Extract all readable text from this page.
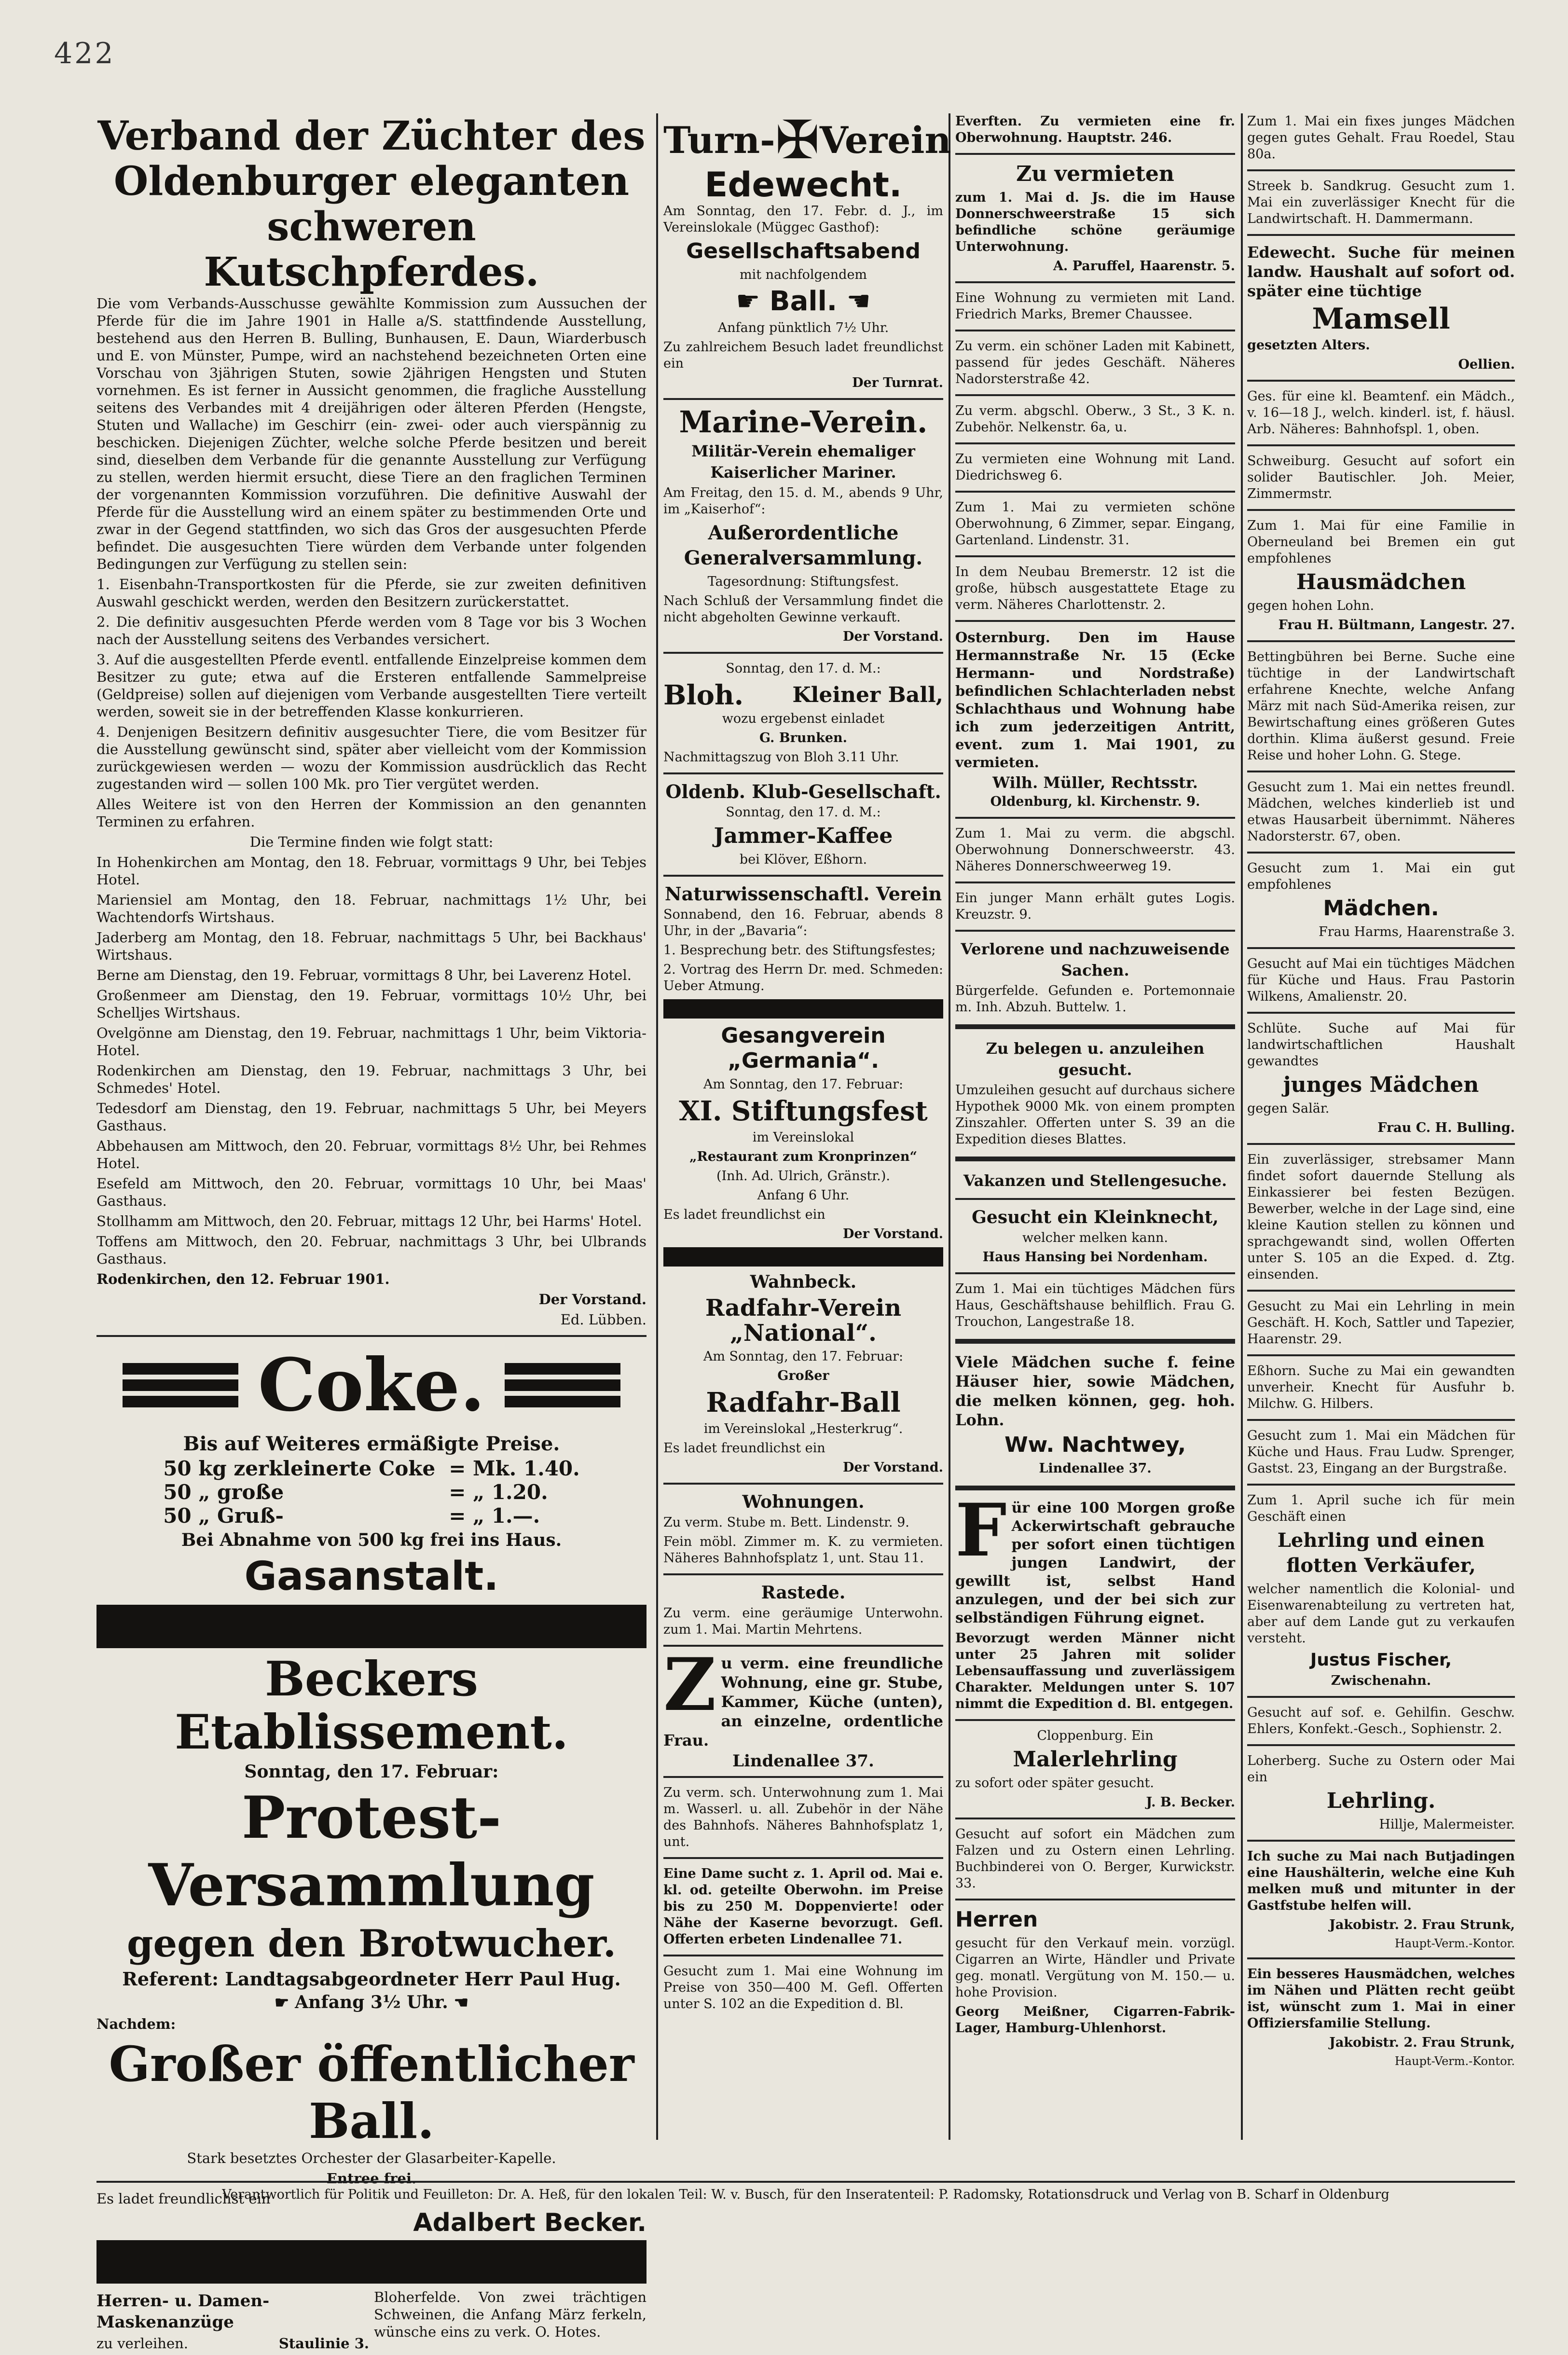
422
Verband der Züchter des Oldenburger eleganten schweren Kutschpferdes.

Die vom Verbands-Ausschusse gewählte Kommission zum Aussuchen der Pferde für die im Jahre 1901 in Halle a/S. stattfindende Ausstellung, bestehend aus den Herren B. Bulling, Bunhausen, E. Daun, Wiarderbusch und E. von Münster, Pumpe, wird an nachstehend bezeichneten Orten eine Vorschau von 3jährigen Stuten, sowie 2jährigen Hengsten und Stuten vornehmen. Es ist ferner in Aussicht genommen, die fragliche Ausstellung seitens des Verbandes mit 4 dreijährigen oder älteren Pferden (Hengste, Stuten und Wallache) im Geschirr (ein- zwei- oder auch vierspännig zu beschicken. Diejenigen Züchter, welche solche Pferde besitzen und bereit sind, dieselben dem Verbande für die genannte Ausstellung zur Verfügung zu stellen, werden hiermit ersucht, diese Tiere an den fraglichen Terminen der vorgenannten Kommission vorzuführen. Die definitive Auswahl der Pferde für die Ausstellung wird an einem später zu bestimmenden Orte und zwar in der Gegend stattfinden, wo sich das Gros der ausgesuchten Pferde befindet. Die ausgesuchten Tiere würden dem Verbande unter folgenden Bedingungen zur Verfügung zu stellen sein:

1. Eisenbahn-Transportkosten für die Pferde, sie zur zweiten definitiven Auswahl geschickt werden, werden den Besitzern zurückerstattet.

2. Die definitiv ausgesuchten Pferde werden vom 8 Tage vor bis 3 Wochen nach der Ausstellung seitens des Verbandes versichert.

3. Auf die ausgestellten Pferde eventl. entfallende Einzelpreise kommen dem Besitzer zu gute; etwa auf die Ersteren entfallende Sammelpreise (Geldpreise) sollen auf diejenigen vom Verbande ausgestellten Tiere verteilt werden, soweit sie in der betreffenden Klasse konkurrieren.

4. Denjenigen Besitzern definitiv ausgesuchter Tiere, die vom Besitzer für die Ausstellung gewünscht sind, später aber vielleicht vom der Kommission zurückgewiesen werden — wozu der Kommission ausdrücklich das Recht zugestanden wird — sollen 100 Mk. pro Tier vergütet werden.

Alles Weitere ist von den Herren der Kommission an den genannten Terminen zu erfahren.

Die Termine finden wie folgt statt:

In Hohenkirchen am Montag, den 18. Februar, vormittags 9 Uhr, bei Tebjes Hotel.

Mariensiel am Montag, den 18. Februar, nachmittags 1½ Uhr, bei Wachtendorfs Wirtshaus.

Jaderberg am Montag, den 18. Februar, nachmittags 5 Uhr, bei Backhaus' Wirtshaus.

Berne am Dienstag, den 19. Februar, vormittags 8 Uhr, bei Laverenz Hotel.

Großenmeer am Dienstag, den 19. Februar, vormittags 10½ Uhr, bei Schelljes Wirtshaus.

Ovelgönne am Dienstag, den 19. Februar, nachmittags 1 Uhr, beim Viktoria-Hotel.

Rodenkirchen am Dienstag, den 19. Februar, nachmittags 3 Uhr, bei Schmedes' Hotel.

Tedesdorf am Dienstag, den 19. Februar, nachmittags 5 Uhr, bei Meyers Gasthaus.

Abbehausen am Mittwoch, den 20. Februar, vormittags 8½ Uhr, bei Rehmes Hotel.

Esefeld am Mittwoch, den 20. Februar, vormittags 10 Uhr, bei Maas' Gasthaus.

Stollhamm am Mittwoch, den 20. Februar, mittags 12 Uhr, bei Harms' Hotel.

Toffens am Mittwoch, den 20. Februar, nachmittags 3 Uhr, bei Ulbrands Gasthaus.

Rodenkirchen, den 12. Februar 1901.

Der Vorstand.

Ed. Lübben.

Coke.
Bis auf Weiteres ermäßigte Preise.
50 kg zerkleinerte Coke	= Mk. 1.40.
50 „ große	= „ 1.20.
50 „ Gruß-	= „ 1.—.
Bei Abnahme von 500 kg frei ins Haus.
Gasanstalt.
Beckers Etablissement.
Sonntag, den 17. Februar:
Protest-Versammlung
gegen den Brotwucher.
Referent: Landtagsabgeordneter Herr Paul Hug.
☛ Anfang 3½ Uhr. ☚

Nachdem:

Großer öffentlicher Ball.

Stark besetztes Orchester der Glasarbeiter-Kapelle.

Entree frei.

Es ladet freundlichst ein

Adalbert Becker.
Herren- u. Damen-Maskenanzüge

zu verleihen.	Staulinie 3.

Bloherfelde. Von zwei trächtigen Schweinen, die Anfang März ferkeln, wünsche eins zu verk. O. Hotes.

Turn- ✠ Verein
Edewecht.

Am Sonntag, den 17. Febr. d. J., im Vereinslokale (Müggeс Gasthof):

Gesellschaftsabend

mit nachfolgendem

☛ Ball. ☚

Anfang pünktlich 7½ Uhr.

Zu zahlreichem Besuch ladet freundlichst ein

Der Turnrat.

Marine-Verein.
Militär-Verein ehemaliger Kaiserlicher Mariner.

Am Freitag, den 15. d. M., abends 9 Uhr, im „Kaiserhof“:

Außerordentliche Generalversammlung.

Tagesordnung: Stiftungsfest.

Nach Schluß der Versammlung findet die nicht abgeholten Gewinne verkauft.

Der Vorstand.

Sonntag, den 17. d. M.:

Bloh. Kleiner Ball,

wozu ergebenst einladet

G. Brunken.

Nachmittagszug von Bloh 3.11 Uhr.

Oldenb. Klub-Gesellschaft.

Sonntag, den 17. d. M.:

Jammer-Kaffee

bei Klöver, Eßhorn.

Naturwissenschaftl. Verein

Sonnabend, den 16. Februar, abends 8 Uhr, in der „Bavaria“:

1. Besprechung betr. des Stiftungsfestes;

2. Vortrag des Herrn Dr. med. Schmeden: Ueber Atmung.

Gesangverein „Germania“.

Am Sonntag, den 17. Februar:

XI. Stiftungsfest

im Vereinslokal

„Restaurant zum Kronprinzen“

(Inh. Ad. Ulrich, Gränstr.).

Anfang 6 Uhr.

Es ladet freundlichst ein

Der Vorstand.

Wahnbeck.
Radfahr-Verein „National“.

Am Sonntag, den 17. Februar:

Großer

Radfahr-Ball

im Vereinslokal „Hesterkrug“.

Es ladet freundlichst ein

Der Vorstand.

Wohnungen.

Zu verm. Stube m. Bett. Lindenstr. 9.

Fein möbl. Zimmer m. K. zu vermieten. Näheres Bahnhofsplatz 1, unt. Stau 11.

Rastede.

Zu verm. eine geräumige Unterwohn. zum 1. Mai. Martin Mehrtens.

Zu verm. eine freundliche Wohnung, eine gr. Stube, Kammer, Küche (unten), an einzelne, ordentliche Frau.

Lindenallee 37.

Zu verm. sch. Unterwohnung zum 1. Mai m. Wasserl. u. all. Zubehör in der Nähe des Bahnhofs. Näheres Bahnhofsplatz 1, unt.

Eine Dame sucht z. 1. April od. Mai e. kl. od. geteilte Oberwohn. im Preise bis zu 250 M. Doppenvierte! oder Nähe der Kaserne bevorzugt. Gefl. Offerten erbeten Lindenallee 71.

Gesucht zum 1. Mai eine Wohnung im Preise von 350—400 M. Gefl. Offerten unter S. 102 an die Expedition d. Bl.

Everften. Zu vermieten eine fr. Oberwohnung. Hauptstr. 246.

Zu vermieten

zum 1. Mai d. Js. die im Hause Donnerschweerstraße 15 sich befindliche schöne geräumige Unterwohnung.

A. Paruffel, Haarenstr. 5.

Eine Wohnung zu vermieten mit Land. Friedrich Marks, Bremer Chaussee.

Zu verm. ein schöner Laden mit Kabinett, passend für jedes Geschäft. Näheres Nadorsterstraße 42.

Zu verm. abgschl. Oberw., 3 St., 3 K. n. Zubehör. Nelkenstr. 6a, u.

Zu vermieten eine Wohnung mit Land. Diedrichsweg 6.

Zum 1. Mai zu vermieten schöne Oberwohnung, 6 Zimmer, separ. Eingang, Gartenland. Lindenstr. 31.

In dem Neubau Bremerstr. 12 ist die große, hübsch ausgestattete Etage zu verm. Näheres Charlottenstr. 2.

Osternburg. Den im Hause Hermannstraße Nr. 15 (Ecke Hermann- und Nordstraße) befindlichen Schlachterladen nebst Schlachthaus und Wohnung habe ich zum jederzeitigen Antritt, event. zum 1. Mai 1901, zu vermieten.

Wilh. Müller, Rechtsstr.

Oldenburg, kl. Kirchenstr. 9.

Zum 1. Mai zu verm. die abgschl. Oberwohnung Donnerschweerstr. 43. Näheres Donnerschweerweg 19.

Ein junger Mann erhält gutes Logis. Kreuzstr. 9.

Verlorene und nachzuweisende Sachen.

Bürgerfelde. Gefunden e. Portemonnaie m. Inh. Abzuh. Buttelw. 1.

Zu belegen u. anzuleihen gesucht.

Umzuleihen gesucht auf durchaus sichere Hypothek 9000 Mk. von einem prompten Zinszahler. Offerten unter S. 39 an die Expedition dieses Blattes.

Vakanzen und Stellengesuche.
Gesucht ein Kleinknecht,

welcher melken kann.

Haus Hansing bei Nordenham.

Zum 1. Mai ein tüchtiges Mädchen fürs Haus, Geschäftshause behilflich. Frau G. Trouchon, Langestraße 18.

Viele Mädchen suche f. feine Häuser hier, sowie Mädchen, die melken können, geg. hoh. Lohn.

Ww. Nachtwey,

Lindenallee 37.

Für eine 100 Morgen große Ackerwirtschaft gebrauche per sofort einen tüchtigen jungen Landwirt, der gewillt ist, selbst Hand anzulegen, und der bei sich zur selbständigen Führung eignet.

Bevorzugt werden Männer nicht unter 25 Jahren mit solider Lebensauffassung und zuverlässigem Charakter. Meldungen unter S. 107 nimmt die Expedition d. Bl. entgegen.

Cloppenburg. Ein

Malerlehrling

zu sofort oder später gesucht.

J. B. Becker.

Gesucht auf sofort ein Mädchen zum Falzen und zu Ostern einen Lehrling. Buchbinderei von O. Berger, Kurwickstr. 33.

Herren

gesucht für den Verkauf mein. vorzügl. Cigarren an Wirte, Händler und Private geg. monatl. Vergütung von M. 150.— u. hohe Provision.

Georg Meißner, Cigarren-Fabrik-Lager, Hamburg-Uhlenhorst.

Zum 1. Mai ein fixes junges Mädchen gegen gutes Gehalt. Frau Roedel, Stau 80a.

Streek b. Sandkrug. Gesucht zum 1. Mai ein zuverlässiger Knecht für die Landwirtschaft. H. Dammermann.

Edewecht. Suche für meinen landw. Haushalt auf sofort od. später eine tüchtige

Mamsell

gesetzten Alters.

Oellien.

Ges. für eine kl. Beamtenf. ein Mädch., v. 16—18 J., welch. kinderl. ist, f. häusl. Arb. Näheres: Bahnhofspl. 1, oben.

Schweiburg. Gesucht auf sofort ein solider Bautischler. Joh. Meier, Zimmermstr.

Zum 1. Mai für eine Familie in Oberneuland bei Bremen ein gut empfohlenes

Hausmädchen

gegen hohen Lohn.

Frau H. Bültmann, Langestr. 27.

Bettingbühren bei Berne. Suche eine tüchtige in der Landwirtschaft erfahrene Knechte, welche Anfang März mit nach Süd-Amerika reisen, zur Bewirtschaftung eines größeren Gutes dorthin. Klima äußerst gesund. Freie Reise und hoher Lohn. G. Stege.

Gesucht zum 1. Mai ein nettes freundl. Mädchen, welches kinderlieb ist und etwas Hausarbeit übernimmt. Näheres Nadorsterstr. 67, oben.

Gesucht zum 1. Mai ein gut empfohlenes

Mädchen.

Frau Harms, Haarenstraße 3.

Gesucht auf Mai ein tüchtiges Mädchen für Küche und Haus. Frau Pastorin Wilkens, Amalienstr. 20.

Schlüte. Suche auf Mai für landwirtschaftlichen Haushalt gewandtes

junges Mädchen

gegen Salär.

Frau C. H. Bulling.

Ein zuverlässiger, strebsamer Mann findet sofort dauernde Stellung als Einkassierer bei festen Bezügen. Bewerber, welche in der Lage sind, eine kleine Kaution stellen zu können und sprachgewandt sind, wollen Offerten unter S. 105 an die Exped. d. Ztg. einsenden.

Gesucht zu Mai ein Lehrling in mein Geschäft. H. Koch, Sattler und Tapezier, Haarenstr. 29.

Eßhorn. Suche zu Mai ein gewandten unverheir. Knecht für Ausfuhr b. Milchw. G. Hilbers.

Gesucht zum 1. Mai ein Mädchen für Küche und Haus. Frau Ludw. Sprenger, Gastst. 23, Eingang an der Burgstraße.

Zum 1. April suche ich für mein Geschäft einen

Lehrling und einen flotten Verkäufer,

welcher namentlich die Kolonial- und Eisenwarenabteilung zu vertreten hat, aber auf dem Lande gut zu verkaufen versteht.

Justus Fischer,

Zwischenahn.

Gesucht auf sof. e. Gehilfin. Geschw. Ehlers, Konfekt.-Gesch., Sophienstr. 2.

Loherberg. Suche zu Ostern oder Mai ein

Lehrling.

Hillje, Malermeister.

Ich suche zu Mai nach Butjadingen eine Haushälterin, welche eine Kuh melken muß und mitunter in der Gastfstube helfen will.

Jakobistr. 2. Frau Strunk,

Haupt-Verm.-Kontor.

Ein besseres Hausmädchen, welches im Nähen und Plätten recht geübt ist, wünscht zum 1. Mai in einer Offiziersfamilie Stellung.

Jakobistr. 2. Frau Strunk,

Haupt-Verm.-Kontor.

Verantwortlich für Politik und Feuilleton: Dr. A. Heß, für den lokalen Teil: W. v. Busch, für den Inseratenteil: P. Radomsky, Rotationsdruck und Verlag von B. Scharf in Oldenburg
